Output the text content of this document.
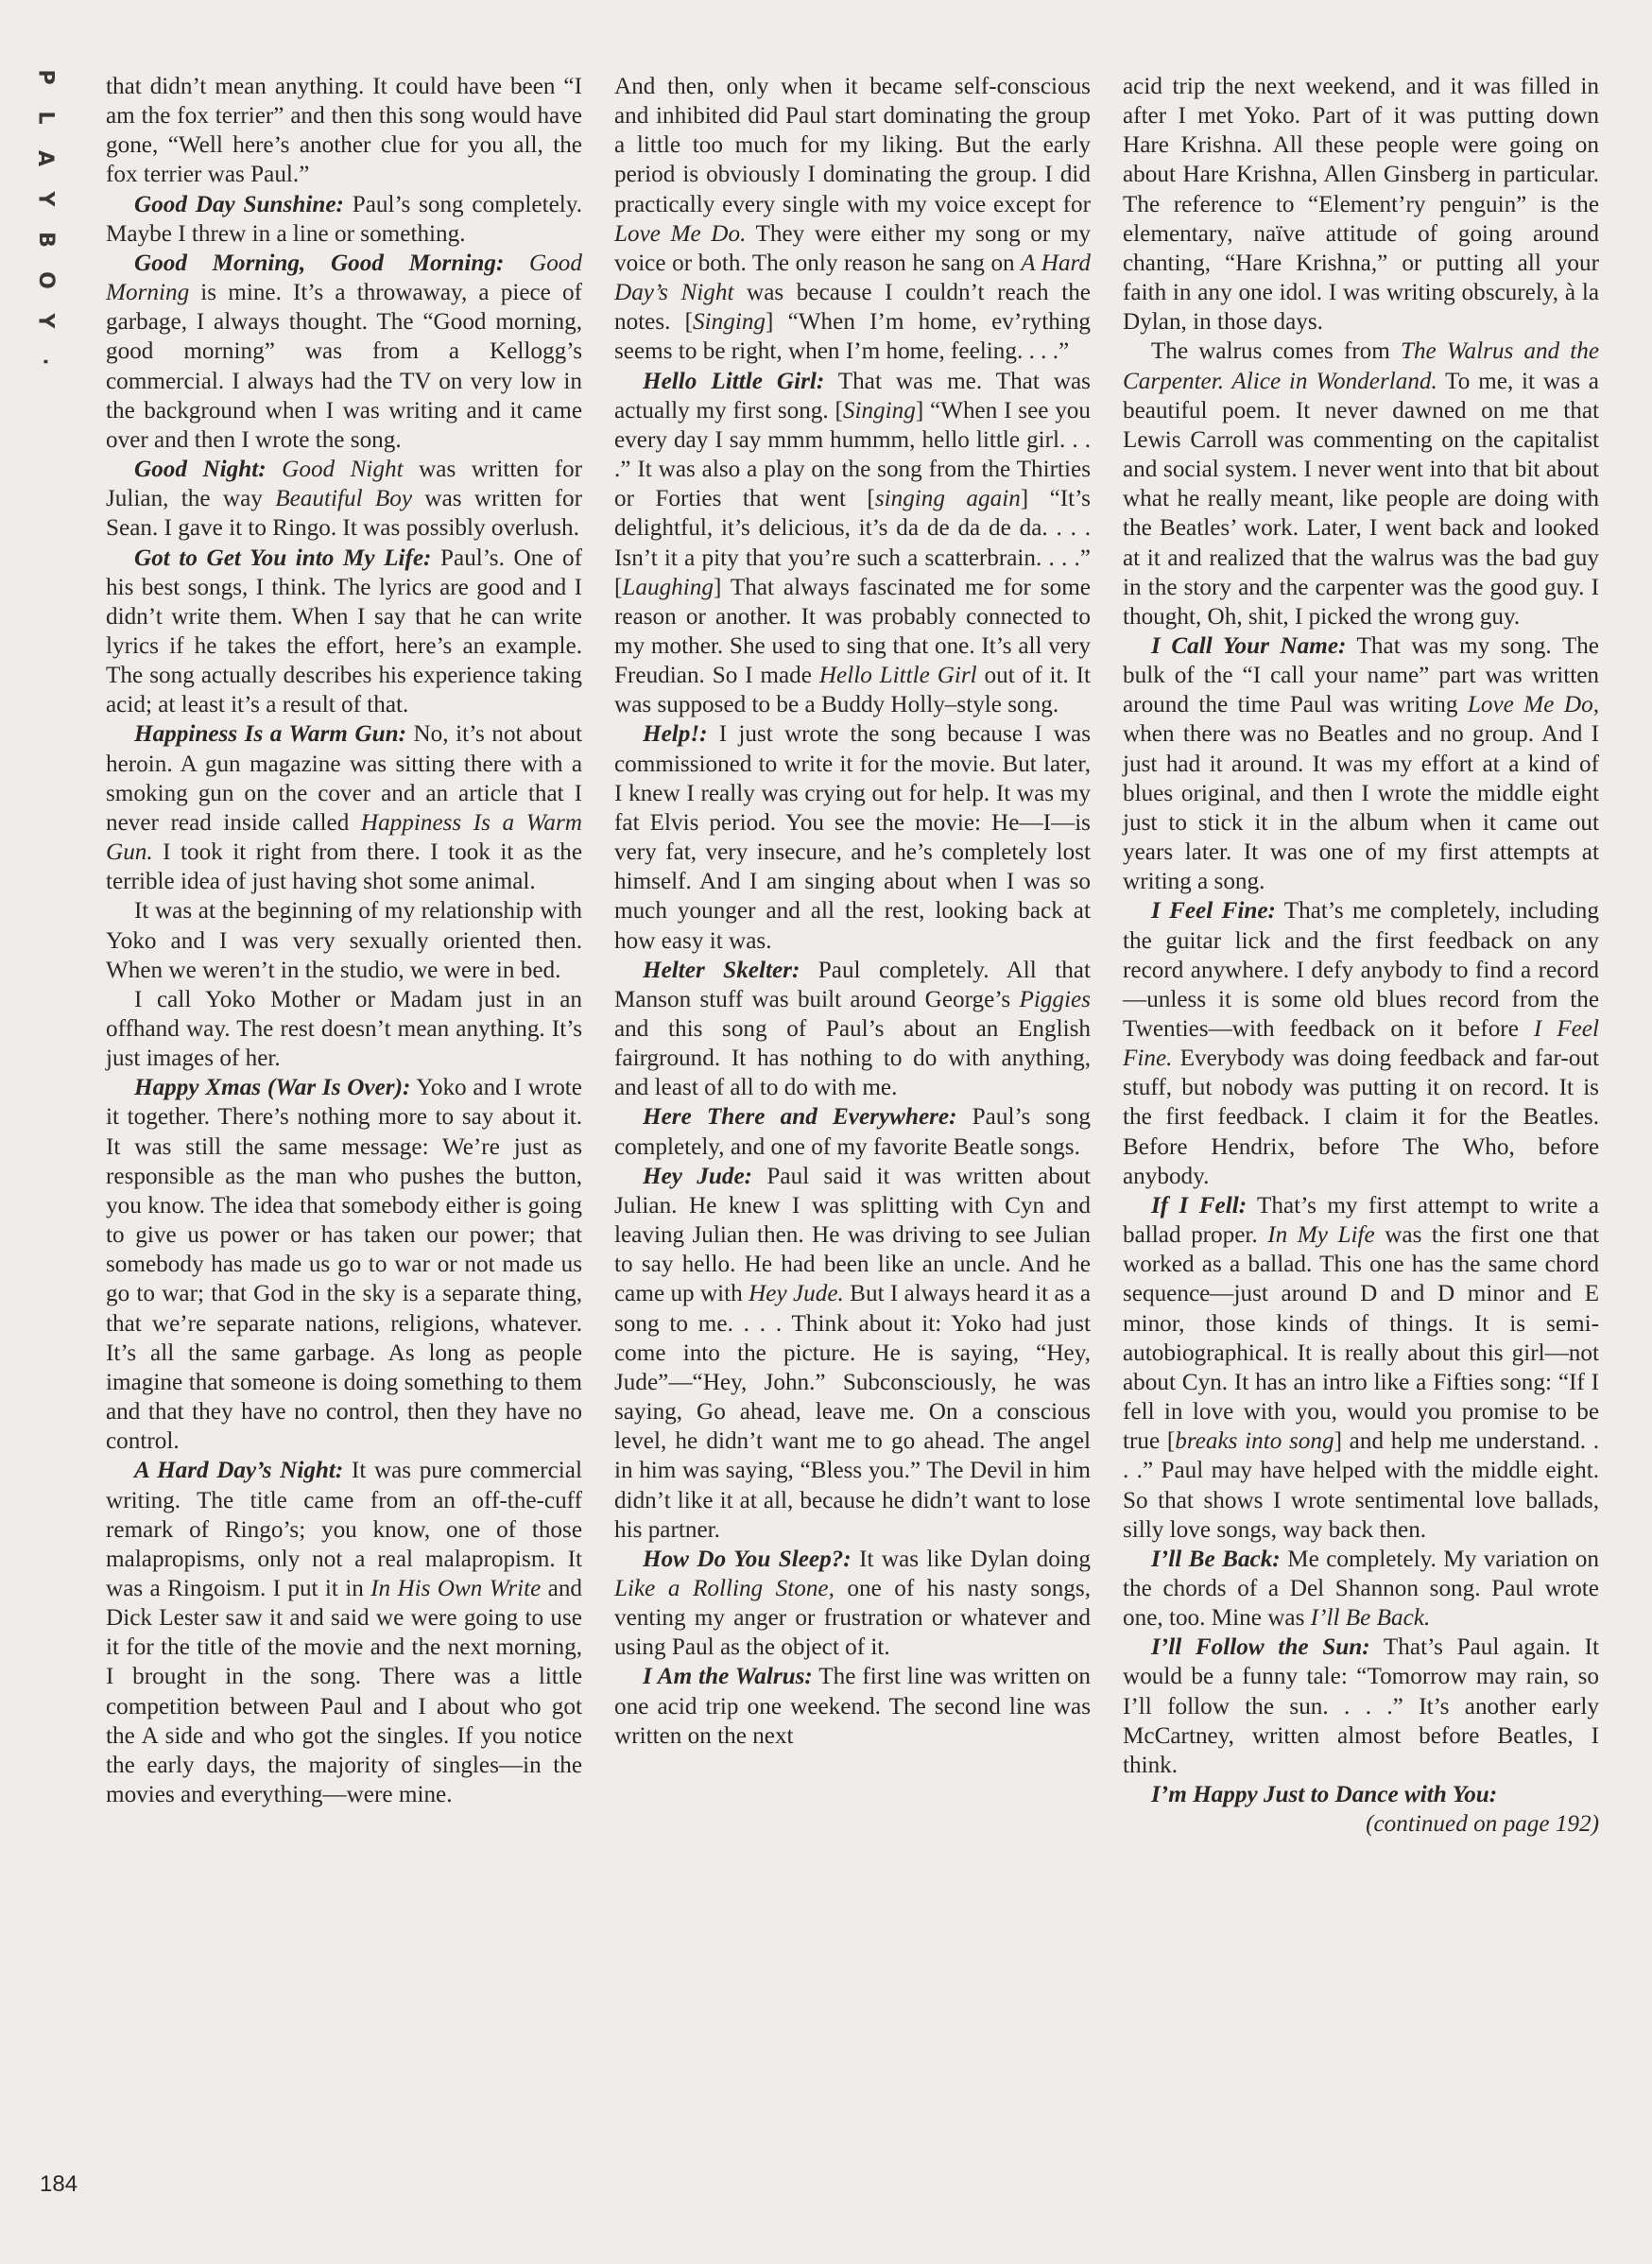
P
L
A
Y
B
O
Y
·

that didn’t mean anything. It could have been “I am the fox terrier” and then this song would have gone, “Well here’s another clue for you all, the fox terrier was Paul.”

Good Day Sunshine: Paul’s song completely. Maybe I threw in a line or something.

Good Morning, Good Morning: Good Morning is mine. It’s a throwaway, a piece of garbage, I always thought. The “Good morning, good morning” was from a Kellogg’s commercial. I always had the TV on very low in the background when I was writing and it came over and then I wrote the song.

Good Night: Good Night was written for Julian, the way Beautiful Boy was written for Sean. I gave it to Ringo. It was possibly overlush.

Got to Get You into My Life: Paul’s. One of his best songs, I think. The lyrics are good and I didn’t write them. When I say that he can write lyrics if he takes the effort, here’s an example. The song actually describes his experience taking acid; at least it’s a result of that.

Happiness Is a Warm Gun: No, it’s not about heroin. A gun magazine was sitting there with a smoking gun on the cover and an article that I never read inside called Happiness Is a Warm Gun. I took it right from there. I took it as the terrible idea of just having shot some animal.

It was at the beginning of my relationship with Yoko and I was very sexually oriented then. When we weren’t in the studio, we were in bed.

I call Yoko Mother or Madam just in an offhand way. The rest doesn’t mean anything. It’s just images of her.

Happy Xmas (War Is Over): Yoko and I wrote it together. There’s nothing more to say about it. It was still the same message: We’re just as responsible as the man who pushes the button, you know. The idea that somebody either is going to give us power or has taken our power; that somebody has made us go to war or not made us go to war; that God in the sky is a separate thing, that we’re separate nations, religions, whatever. It’s all the same garbage. As long as people imagine that someone is doing something to them and that they have no control, then they have no control.

A Hard Day’s Night: It was pure commercial writing. The title came from an off-the-cuff remark of Ringo’s; you know, one of those malapropisms, only not a real malapropism. It was a Ringoism. I put it in In His Own Write and Dick Lester saw it and said we were going to use it for the title of the movie and the next morning, I brought in the song. There was a little competition between Paul and I about who got the A side and who got the singles. If you notice the early days, the majority of singles—in the movies and everything—were mine.

And then, only when it became self-conscious and inhibited did Paul start dominating the group a little too much for my liking. But the early period is obviously I dominating the group. I did practically every single with my voice except for Love Me Do. They were either my song or my voice or both. The only reason he sang on A Hard Day’s Night was because I couldn’t reach the notes. [Singing] “When I’m home, ev’rything seems to be right, when I’m home, feeling. . . .”

Hello Little Girl: That was me. That was actually my first song. [Singing] “When I see you every day I say mmm hummm, hello little girl. . . .” It was also a play on the song from the Thirties or Forties that went [singing again] “It’s delightful, it’s delicious, it’s da de da de da. . . . Isn’t it a pity that you’re such a scatterbrain. . . .” [Laughing] That always fascinated me for some reason or another. It was probably connected to my mother. She used to sing that one. It’s all very Freudian. So I made Hello Little Girl out of it. It was supposed to be a Buddy Holly–style song.

Help!: I just wrote the song because I was commissioned to write it for the movie. But later, I knew I really was crying out for help. It was my fat Elvis period. You see the movie: He—I—is very fat, very insecure, and he’s completely lost himself. And I am singing about when I was so much younger and all the rest, looking back at how easy it was.

Helter Skelter: Paul completely. All that Manson stuff was built around George’s Piggies and this song of Paul’s about an English fairground. It has nothing to do with anything, and least of all to do with me.

Here There and Everywhere: Paul’s song completely, and one of my favorite Beatle songs.

Hey Jude: Paul said it was written about Julian. He knew I was splitting with Cyn and leaving Julian then. He was driving to see Julian to say hello. He had been like an uncle. And he came up with Hey Jude. But I always heard it as a song to me. . . . Think about it: Yoko had just come into the picture. He is saying, “Hey, Jude”—“Hey, John.” Subconsciously, he was saying, Go ahead, leave me. On a conscious level, he didn’t want me to go ahead. The angel in him was saying, “Bless you.” The Devil in him didn’t like it at all, because he didn’t want to lose his partner.

How Do You Sleep?: It was like Dylan doing Like a Rolling Stone, one of his nasty songs, venting my anger or frustration or whatever and using Paul as the object of it.

I Am the Walrus: The first line was written on one acid trip one weekend. The second line was written on the next

acid trip the next weekend, and it was filled in after I met Yoko. Part of it was putting down Hare Krishna. All these people were going on about Hare Krishna, Allen Ginsberg in particular. The reference to “Element’ry penguin” is the elementary, naïve attitude of going around chanting, “Hare Krishna,” or putting all your faith in any one idol. I was writing obscurely, à la Dylan, in those days.

The walrus comes from The Walrus and the Carpenter. Alice in Wonderland. To me, it was a beautiful poem. It never dawned on me that Lewis Carroll was commenting on the capitalist and social system. I never went into that bit about what he really meant, like people are doing with the Beatles’ work. Later, I went back and looked at it and realized that the walrus was the bad guy in the story and the carpenter was the good guy. I thought, Oh, shit, I picked the wrong guy.

I Call Your Name: That was my song. The bulk of the “I call your name” part was written around the time Paul was writing Love Me Do, when there was no Beatles and no group. And I just had it around. It was my effort at a kind of blues original, and then I wrote the middle eight just to stick it in the album when it came out years later. It was one of my first attempts at writing a song.

I Feel Fine: That’s me completely, including the guitar lick and the first feedback on any record anywhere. I defy anybody to find a record—unless it is some old blues record from the Twenties—with feedback on it before I Feel Fine. Everybody was doing feedback and far-out stuff, but nobody was putting it on record. It is the first feedback. I claim it for the Beatles. Before Hendrix, before The Who, before anybody.

If I Fell: That’s my first attempt to write a ballad proper. In My Life was the first one that worked as a ballad. This one has the same chord sequence—just around D and D minor and E minor, those kinds of things. It is semi-autobiographical. It is really about this girl—not about Cyn. It has an intro like a Fifties song: “If I fell in love with you, would you promise to be true [breaks into song] and help me understand. . . .” Paul may have helped with the middle eight. So that shows I wrote sentimental love ballads, silly love songs, way back then.

I’ll Be Back: Me completely. My variation on the chords of a Del Shannon song. Paul wrote one, too. Mine was I’ll Be Back.

I’ll Follow the Sun: That’s Paul again. It would be a funny tale: “Tomorrow may rain, so I’ll follow the sun. . . .” It’s another early McCartney, written almost before Beatles, I think.

I’m Happy Just to Dance with You:

(continued on page 192)

184
